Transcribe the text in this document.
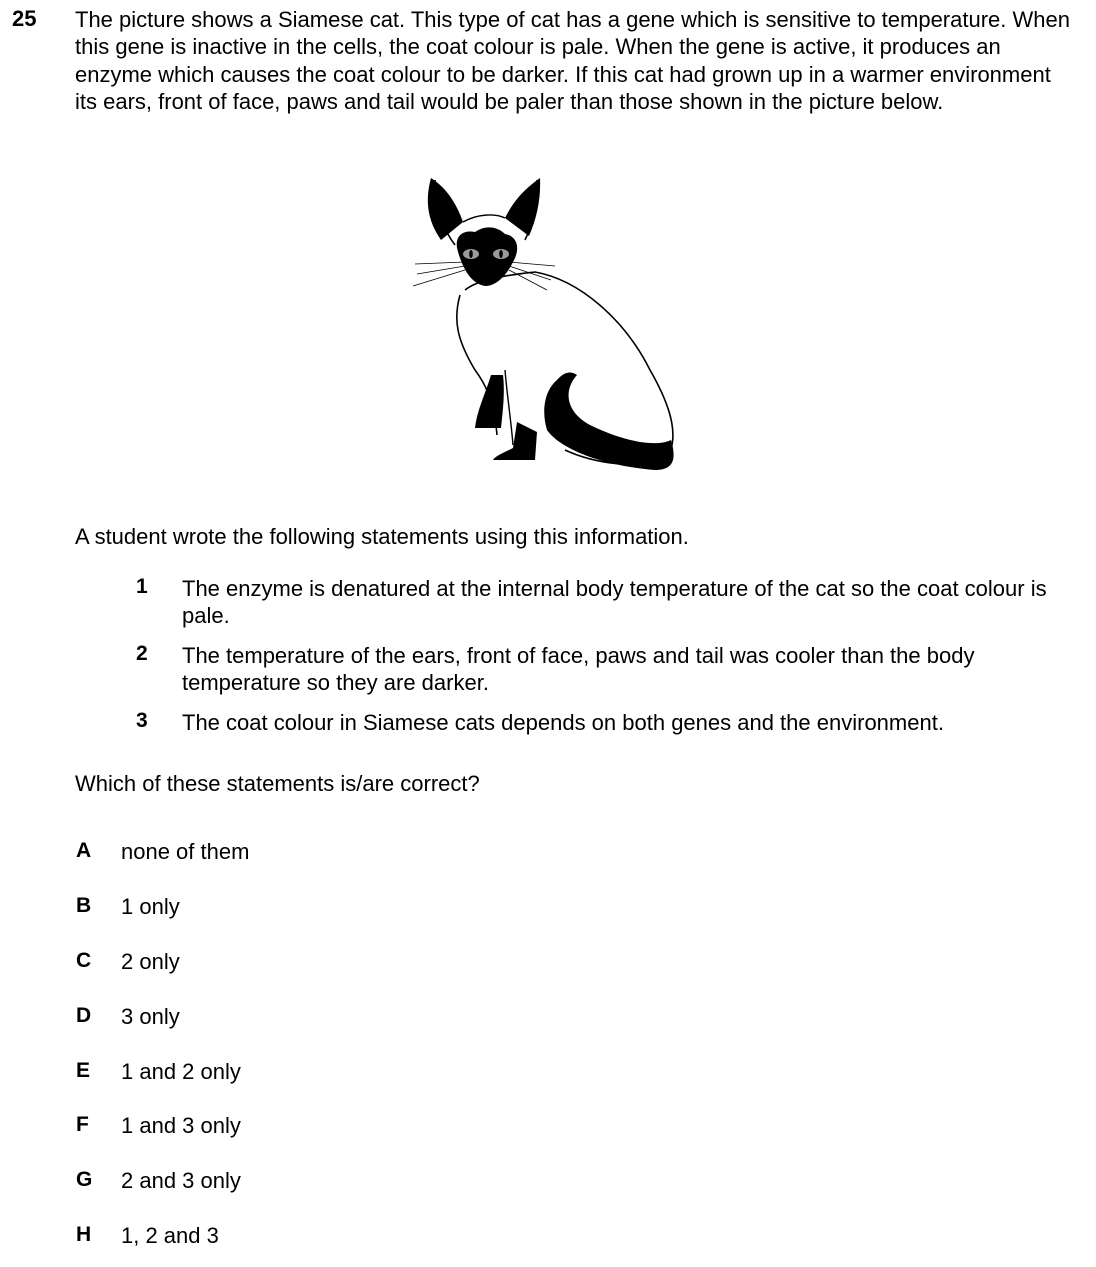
25 The picture shows a Siamese cat. This type of cat has a gene which is sensitive to temperature. When this gene is inactive in the cells, the coat colour is pale. When the gene is active, it produces an enzyme which causes the coat colour to be darker. If this cat had grown up in a warmer environment its ears, front of face, paws and tail would be paler than those shown in the picture below.

A student wrote the following statements using this information.

1 The enzyme is denatured at the internal body temperature of the cat so the coat colour is pale.

2 The temperature of the ears, front of face, paws and tail was cooler than the body temperature so they are darker.

3 The coat colour in Siamese cats depends on both genes and the environment.

Which of these statements is/are correct?

A none of them
B 1 only
C 2 only
D 3 only
E 1 and 2 only
F 1 and 3 only
G 2 and 3 only
H 1, 2 and 3
